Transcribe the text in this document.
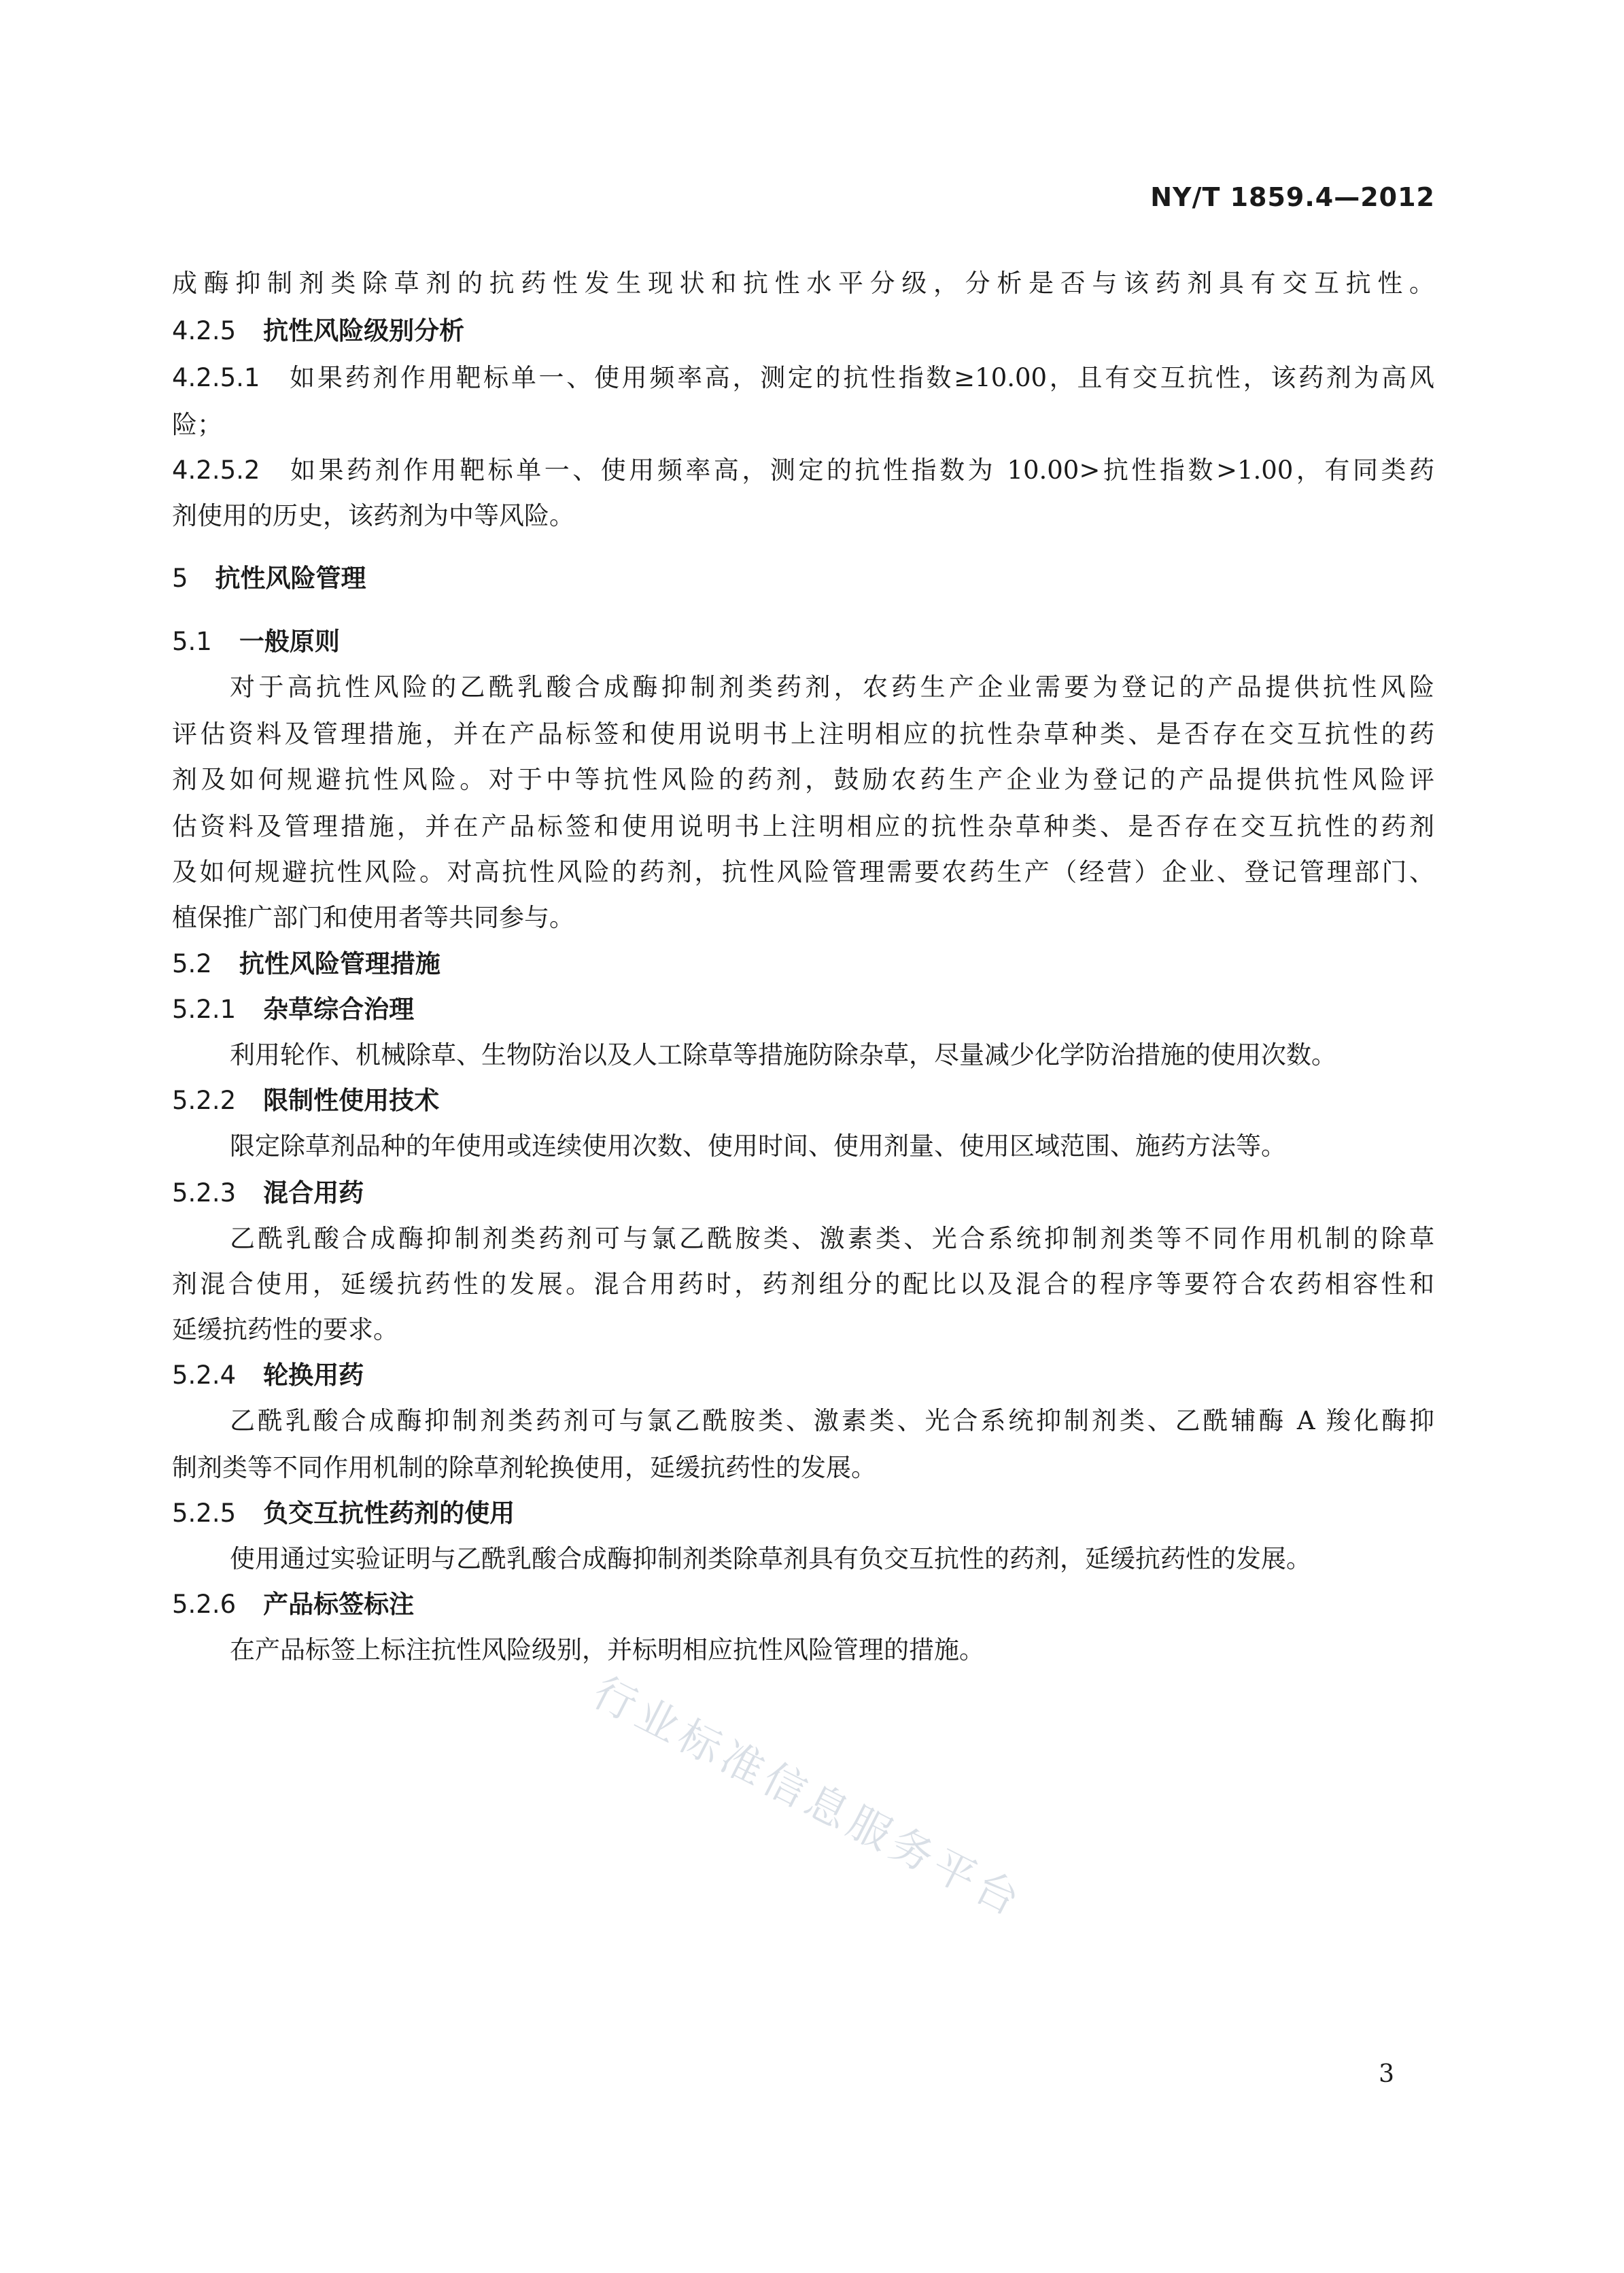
NY/T 1859.4—2012
成酶抑制剂类除草剂的抗药性发生现状和抗性水平分级，分析是否与该药剂具有交互抗性。
4.2.5 抗性风险级别分析
4.2.5.1 如果药剂作用靶标单一、使用频率高，测定的抗性指数≥10.00，且有交互抗性，该药剂为高风
险；
4.2.5.2 如果药剂作用靶标单一、使用频率高，测定的抗性指数为 10.00>抗性指数>1.00，有同类药
剂使用的历史，该药剂为中等风险。
5 抗性风险管理
5.1 一般原则
对于高抗性风险的乙酰乳酸合成酶抑制剂类药剂，农药生产企业需要为登记的产品提供抗性风险
评估资料及管理措施，并在产品标签和使用说明书上注明相应的抗性杂草种类、是否存在交互抗性的药
剂及如何规避抗性风险。对于中等抗性风险的药剂，鼓励农药生产企业为登记的产品提供抗性风险评
估资料及管理措施，并在产品标签和使用说明书上注明相应的抗性杂草种类、是否存在交互抗性的药剂
及如何规避抗性风险。对高抗性风险的药剂，抗性风险管理需要农药生产（经营）企业、登记管理部门、
植保推广部门和使用者等共同参与。
5.2 抗性风险管理措施
5.2.1 杂草综合治理
利用轮作、机械除草、生物防治以及人工除草等措施防除杂草，尽量减少化学防治措施的使用次数。
5.2.2 限制性使用技术
限定除草剂品种的年使用或连续使用次数、使用时间、使用剂量、使用区域范围、施药方法等。
5.2.3 混合用药
乙酰乳酸合成酶抑制剂类药剂可与氯乙酰胺类、激素类、光合系统抑制剂类等不同作用机制的除草
剂混合使用，延缓抗药性的发展。混合用药时，药剂组分的配比以及混合的程序等要符合农药相容性和
延缓抗药性的要求。
5.2.4 轮换用药
乙酰乳酸合成酶抑制剂类药剂可与氯乙酰胺类、激素类、光合系统抑制剂类、乙酰辅酶 A 羧化酶抑
制剂类等不同作用机制的除草剂轮换使用，延缓抗药性的发展。
5.2.5 负交互抗性药剂的使用
使用通过实验证明与乙酰乳酸合成酶抑制剂类除草剂具有负交互抗性的药剂，延缓抗药性的发展。
5.2.6 产品标签标注
在产品标签上标注抗性风险级别，并标明相应抗性风险管理的措施。
行业标准信息服务平台
3
